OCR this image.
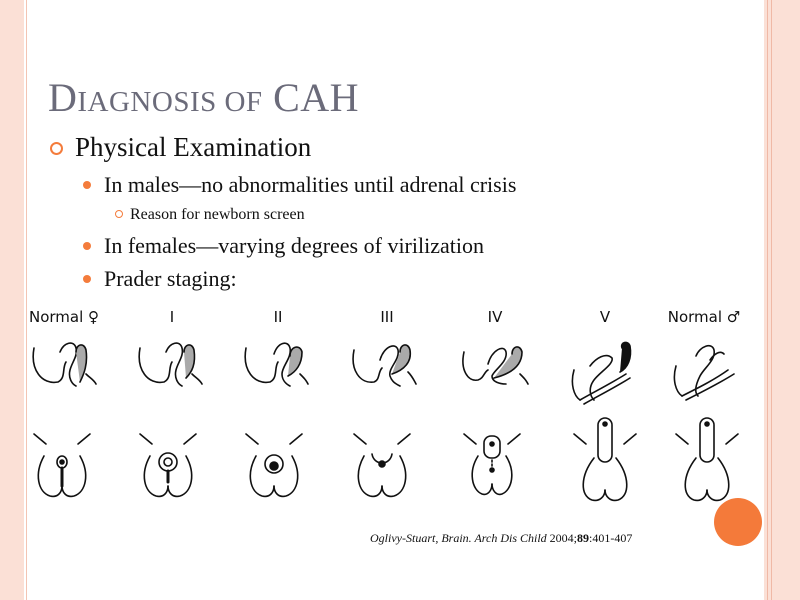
DIAGNOSIS OF CAH
Physical Examination
In males—no abnormalities until adrenal crisis
Reason for newborn screen
In females—varying degrees of virilization
Prader staging:
Normal ♀	I	II	III	IV	V	Normal ♂
Oglivy-Stuart, Brain. Arch Dis Child 2004;89:401-407
